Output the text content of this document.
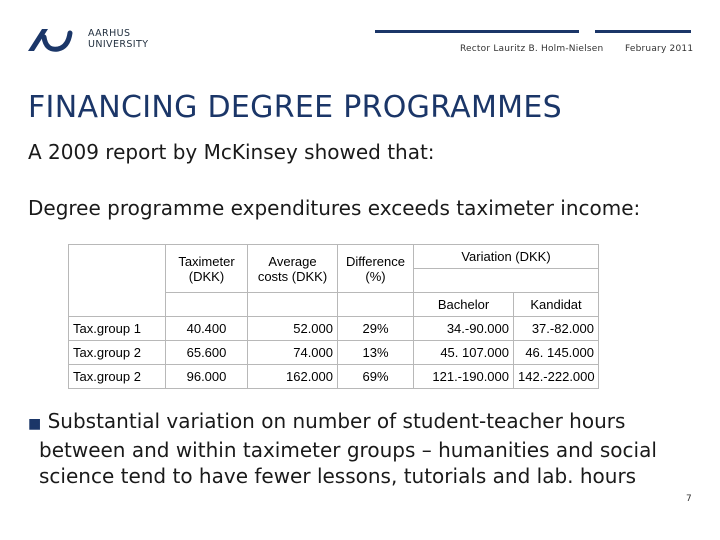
AARHUS
UNIVERSITY	Rector Lauritz B. Holm-Nielsen February 2011
FINANCING DEGREE PROGRAMMES
A 2009 report by McKinsey showed that:
Degree programme expenditures exceeds taximeter income:
	Taximeter (DKK)	Average costs (DKK)	Difference (%)	Variation (DKK)	

				Bachelor	Kandidat
Tax.group 1	40.400	52.000	29%	34.-90.000	37.-82.000
Tax.group 2	65.600	74.000	13%	45. 107.000	46. 145.000
Tax.group 2	96.000	162.000	69%	121.-190.000	142.-222.000
■ Substantial variation on number of student-teacher hours between and within taximeter groups – humanities and social science tend to have fewer lessons, tutorials and lab. hours
7
